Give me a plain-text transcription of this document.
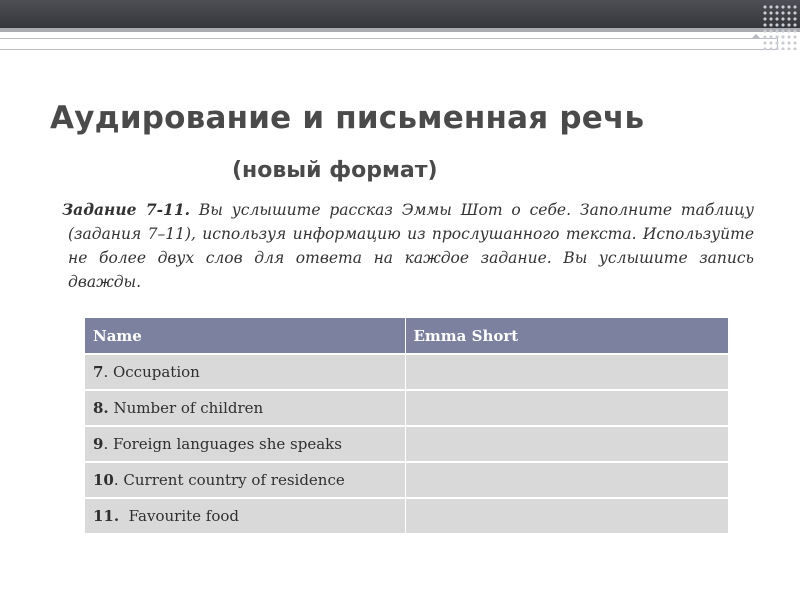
Аудирование и письменная речь
(новый формат)

Задание 7-11. Вы услышите рассказ Эммы Шот о себе. Заполните таблицу (задания 7–11), используя информацию из прослушанного текста. Используйте не более двух слов для ответа на каждое задание. Вы услышите запись дважды.

Name	Emma Short
7. Occupation	
8. Number of children	
9. Foreign languages she speaks	
10. Current country of residence	
11. Favourite food	
